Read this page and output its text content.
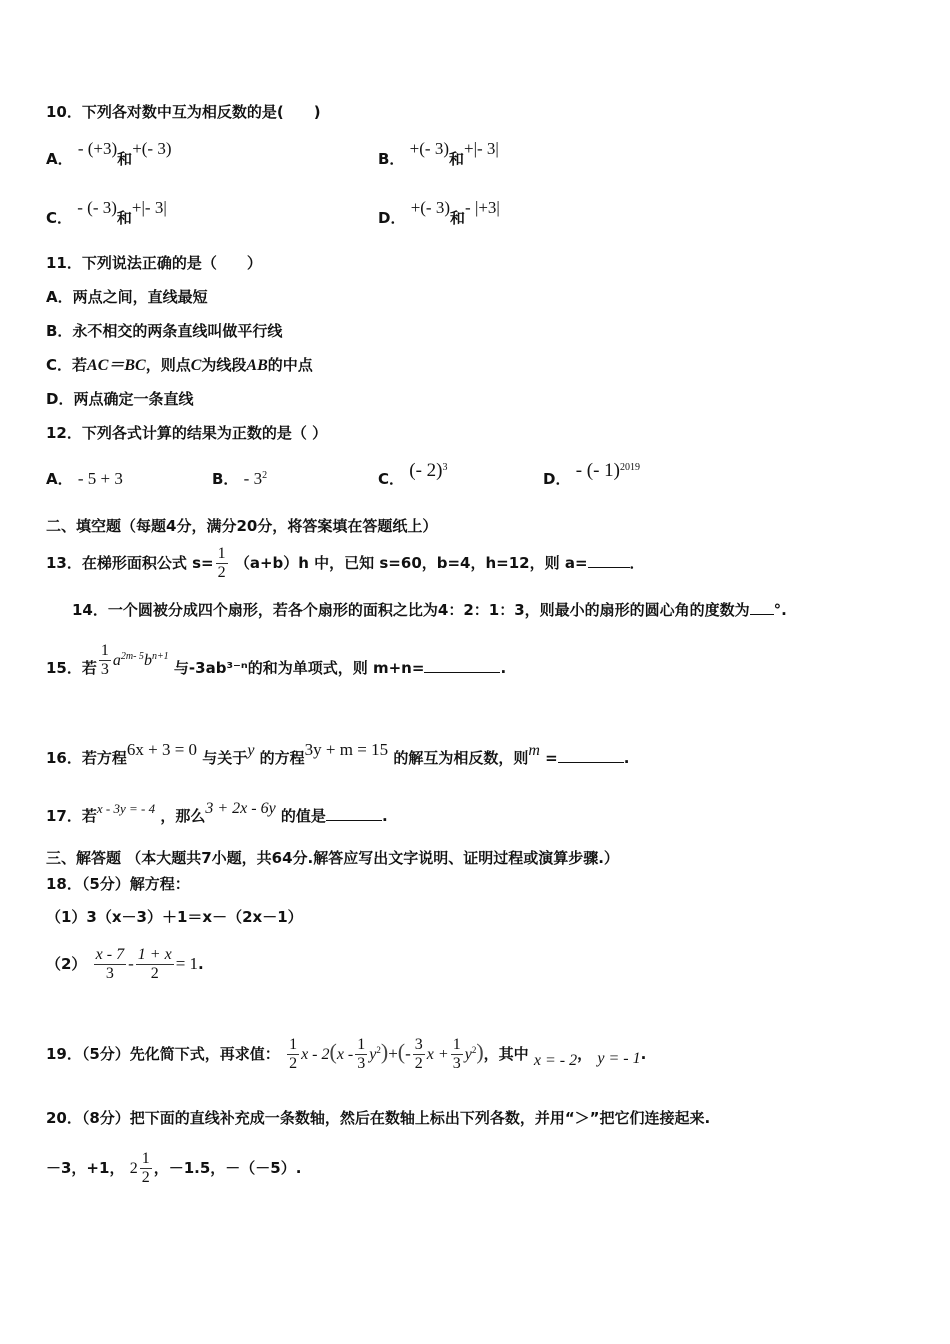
10．下列各对数中互为相反数的是(　　)
A． - (+3)和+(- 3)
B． +(- 3)和+|- 3|
C． - (- 3)和+|- 3|
D． +(- 3)和- |+3|
11．下列说法正确的是（　　）
A．两点之间，直线最短
B．永不相交的两条直线叫做平行线
C．若AC＝BC，则点C为线段AB的中点
D．两点确定一条直线
12．下列各式计算的结果为正数的是（ ）
A． - 5 + 3	B． - $3^2$	C． (- 2)$^3$
D． - (- 1)$^{2019}$
二、填空题（每题4分，满分20分，将答案填在答题纸上）
13．在梯形面积公式 $s= \frac{1}{2} (a+b)h$ 中，已知 s=60，b=4，h=12，则 a=	．
14．一个圆被分成四个扇形，若各个扇形的面积之比为4：2：1：3，则最小的扇形的圆心角的度数为 °.
15．若 $\frac{1}{3} a^{2m- 5}b^{n+1}$ 与-3ab³⁻ⁿ的和为单项式，则 m+n=	.
16．若方程6x + 3 = 0 与关于y 的方程3y + m = 15 的解互为相反数，则m =	.
17．若x - 3y = - 4 ，那么3 + 2x - 6y 的值是	.
三、解答题 （本大题共7小题，共64分.解答应写出文字说明、证明过程或演算步骤.）
18．（5分）解方程：
（1）3（x－3）＋1＝x－（2x－1）
$(2) \frac{x - 7}{3} - \frac{1 + x}{2} = 1$.
19．（5分）先化简下式，再求值： $\frac{1}{2}$ $x - 2(x - \frac{1}{3} y^2)+(- \frac{3}{2}$ $x + \frac{1}{3} y^2$)，其中 x = - 2， y = - 1.
20．（8分）把下面的直线补充成一条数轴，然后在数轴上标出下列各数，并用“＞”把它们连接起来.
－3，+1， $2 \frac{1}{2}$ ，－1.5，－（－5）.
